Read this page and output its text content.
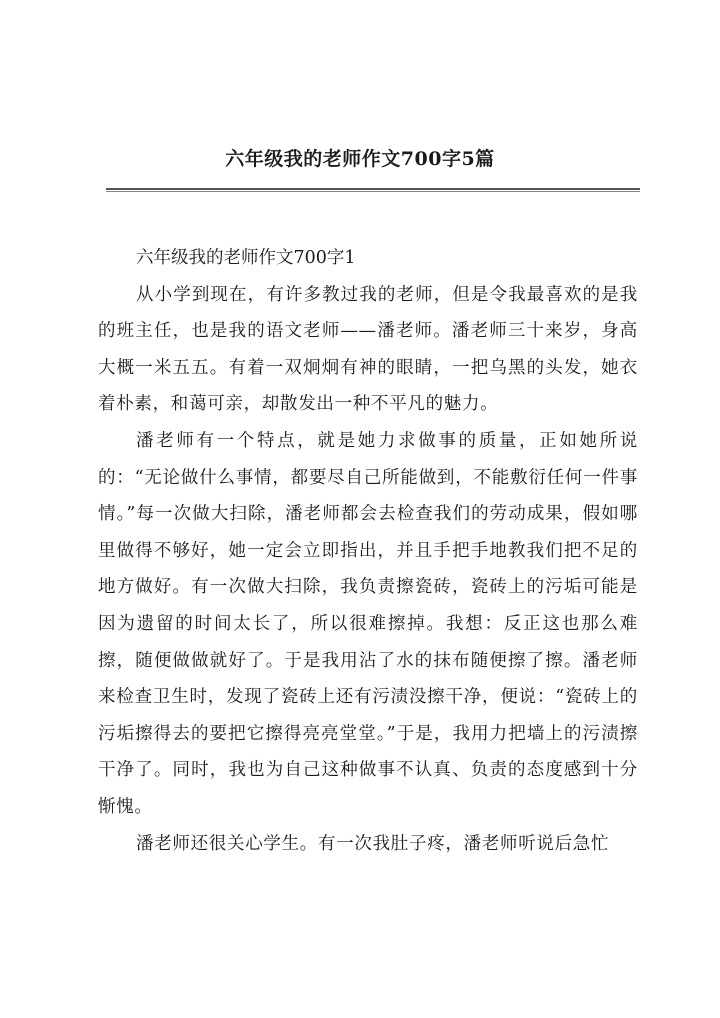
六年级我的老师作文700字5篇

六年级我的老师作文700字1

从小学到现在，有许多教过我的老师，但是令我最喜欢的是我的班主任，也是我的语文老师——潘老师。潘老师三十来岁，身高大概一米五五。有着一双炯炯有神的眼睛，一把乌黑的头发，她衣着朴素，和蔼可亲，却散发出一种不平凡的魅力。

潘老师有一个特点，就是她力求做事的质量，正如她所说的：“无论做什么事情，都要尽自己所能做到，不能敷衍任何一件事情。”每一次做大扫除，潘老师都会去检查我们的劳动成果，假如哪里做得不够好，她一定会立即指出，并且手把手地教我们把不足的地方做好。有一次做大扫除，我负责擦瓷砖，瓷砖上的污垢可能是因为遗留的时间太长了，所以很难擦掉。我想：反正这也那么难擦，随便做做就好了。于是我用沾了水的抹布随便擦了擦。潘老师来检查卫生时，发现了瓷砖上还有污渍没擦干净，便说：“瓷砖上的污垢擦得去的要把它擦得亮亮堂堂。”于是，我用力把墙上的污渍擦干净了。同时，我也为自己这种做事不认真、负责的态度感到十分惭愧。

潘老师还很关心学生。有一次我肚子疼，潘老师听说后急忙
